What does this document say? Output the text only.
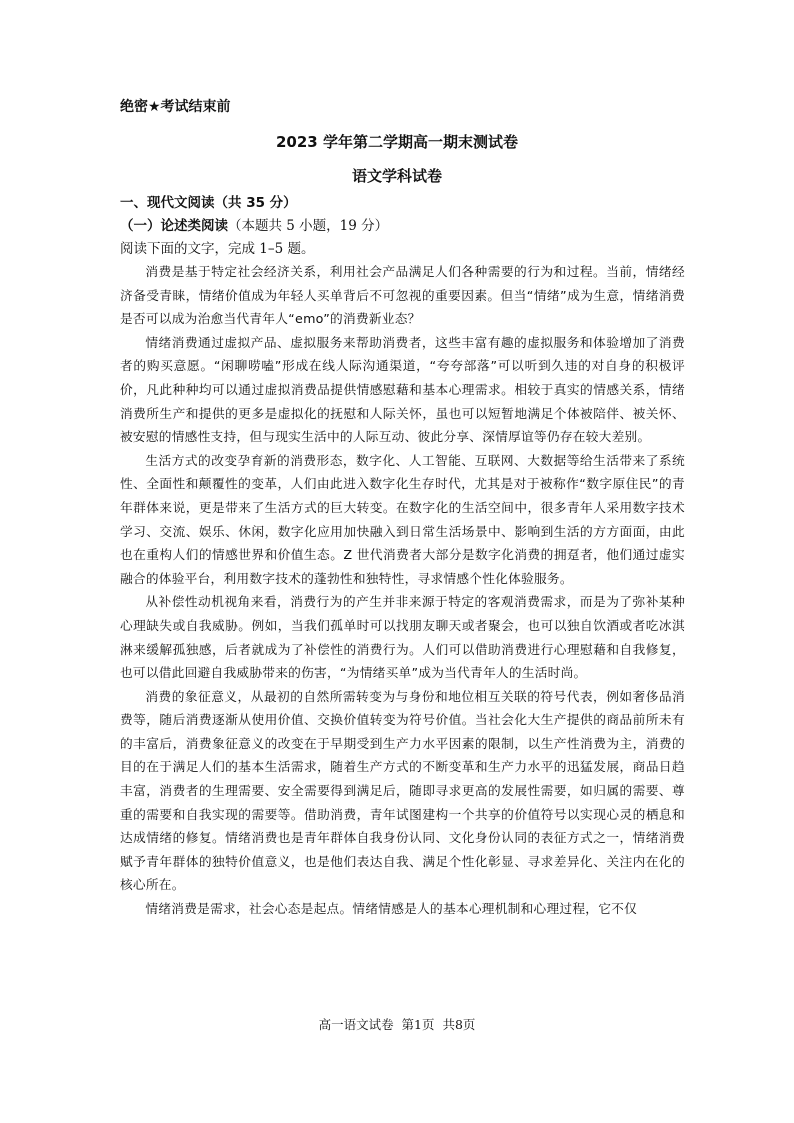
绝密★考试结束前
2023 学年第二学期高一期末测试卷
语文学科试卷
一、现代文阅读（共 35 分）
（一）论述类阅读（本题共 5 小题，19 分）
阅读下面的文字，完成 1–5 题。

消费是基于特定社会经济关系，利用社会产品满足人们各种需要的行为和过程。当前，情绪经济备受青睐，情绪价值成为年轻人买单背后不可忽视的重要因素。但当“情绪”成为生意，情绪消费是否可以成为治愈当代青年人“emo”的消费新业态？

情绪消费通过虚拟产品、虚拟服务来帮助消费者，这些丰富有趣的虚拟服务和体验增加了消费者的购买意愿。“闲聊唠嗑”形成在线人际沟通渠道，“夸夸部落”可以听到久违的对自身的积极评价，凡此种种均可以通过虚拟消费品提供情感慰藉和基本心理需求。相较于真实的情感关系，情绪消费所生产和提供的更多是虚拟化的抚慰和人际关怀，虽也可以短暂地满足个体被陪伴、被关怀、被安慰的情感性支持，但与现实生活中的人际互动、彼此分享、深情厚谊等仍存在较大差别。

生活方式的改变孕育新的消费形态，数字化、人工智能、互联网、大数据等给生活带来了系统性、全面性和颠覆性的变革，人们由此进入数字化生存时代，尤其是对于被称作“数字原住民”的青年群体来说，更是带来了生活方式的巨大转变。在数字化的生活空间中，很多青年人采用数字技术学习、交流、娱乐、休闲，数字化应用加快融入到日常生活场景中、影响到生活的方方面面，由此也在重构人们的情感世界和价值生态。Z 世代消费者大部分是数字化消费的拥趸者，他们通过虚实融合的体验平台，利用数字技术的蓬勃性和独特性，寻求情感个性化体验服务。

从补偿性动机视角来看，消费行为的产生并非来源于特定的客观消费需求，而是为了弥补某种心理缺失或自我威胁。例如，当我们孤单时可以找朋友聊天或者聚会，也可以独自饮酒或者吃冰淇淋来缓解孤独感，后者就成为了补偿性的消费行为。人们可以借助消费进行心理慰藉和自我修复，也可以借此回避自我威胁带来的伤害，“为情绪买单”成为当代青年人的生活时尚。

消费的象征意义，从最初的自然所需转变为与身份和地位相互关联的符号代表，例如奢侈品消费等，随后消费逐渐从使用价值、交换价值转变为符号价值。当社会化大生产提供的商品前所未有的丰富后，消费象征意义的改变在于早期受到生产力水平因素的限制，以生产性消费为主，消费的目的在于满足人们的基本生活需求，随着生产方式的不断变革和生产力水平的迅猛发展，商品日趋丰富，消费者的生理需要、安全需要得到满足后，随即寻求更高的发展性需要，如归属的需要、尊重的需要和自我实现的需要等。借助消费，青年试图建构一个共享的价值符号以实现心灵的栖息和达成情绪的修复。情绪消费也是青年群体自我身份认同、文化身份认同的表征方式之一，情绪消费赋予青年群体的独特价值意义，也是他们表达自我、满足个性化彰显、寻求差异化、关注内在化的核心所在。

情绪消费是需求，社会心态是起点。情绪情感是人的基本心理机制和心理过程，它不仅

高一语文试卷 第1页 共8页
